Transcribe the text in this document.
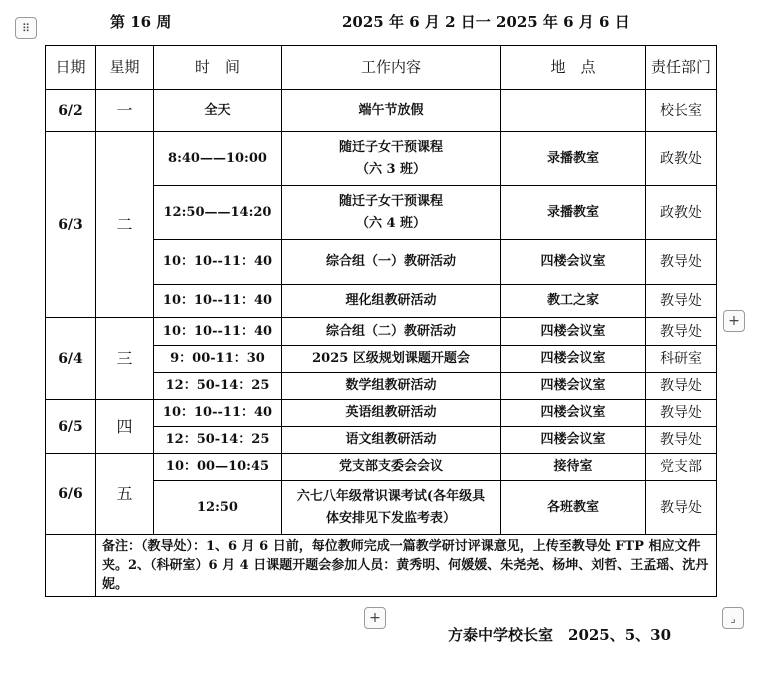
⠿	第 16 周	2025 年 6 月 2 日一 2025 年 6 月 6 日
日期	星期	时　间	工作内容	地　点	责任部门
6/2	一	全天	端午节放假		校长室
6/3	二	8:40——10:00	随迁子女干预课程
（六 3 班）	录播教室	政教处
		12:50——14:20	随迁子女干预课程
（六 4 班）	录播教室	政教处
		10：10--11：40	综合组（一）教研活动	四楼会议室	教导处
		10：10--11：40	理化组教研活动	教工之家	教导处
6/4	三	10：10--11：40	综合组（二）教研活动	四楼会议室	教导处
		9：00-11：30	2025 区级规划课题开题会	四楼会议室	科研室
		12：50-14：25	数学组教研活动	四楼会议室	教导处
6/5	四	10：10--11：40	英语组教研活动	四楼会议室	教导处
		12：50-14：25	语文组教研活动	四楼会议室	教导处
6/6	五	10：00—10:45	党支部支委会会议	接待室	党支部
		12:50	六七八年级常识课考试(各年级具
体安排见下发监考表）	各班教室	教导处
	备注：（教导处）：1、6 月 6 日前，每位教师完成一篇教学研讨评课意见，上传至教导处 FTP 相应文件夹。2、（科研室）6 月 4 日课题开题会参加人员：黄秀明、何媛媛、朱尧尧、杨坤、刘哲、王孟瑶、沈丹妮。				
+
+	⌟
方泰中学校长室　2025、5、30
